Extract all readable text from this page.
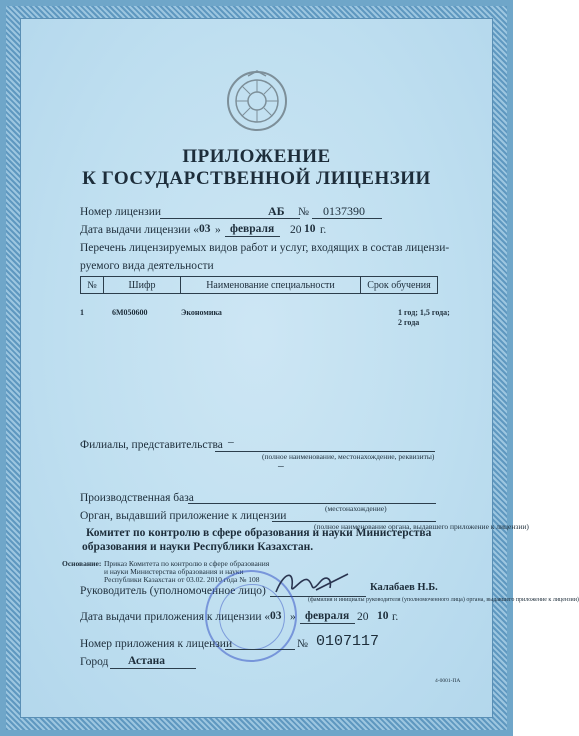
ПРИЛОЖЕНИЕ
К ГОСУДАРСТВЕННОЙ ЛИЦЕНЗИИ
Номер лицензии	АБ № 0137390
Дата выдачи лицензии « 03 » февраля 20 10 г.
Перечень лицензируемых видов работ и услуг, входящих в состав лицензи-
руемого вида деятельности
№	Шифр	Наименование специальности	Срок обучения
1	6M050600	Экономика	1 год; 1,5 года;
2 года
Филиалы, представительства –
(полное наименование, местонахождение, реквизиты)
–
Производственная база
(местонахождение)
Орган, выдавший приложение к лицензии
(полное наименование органа, выдавшего приложение к лицензии)
Комитет по контролю в сфере образования и науки Министерства
образования и науки Республики Казахстан.
Основание: Приказ Комитета по контролю в сфере образования
и науки Министерства образования и науки
Республики Казахстан от 03.02. 2010 года № 108
Руководитель (уполномоченное лицо)	Калабаев Н.Б.
(фамилия и инициалы руководителя (уполномоченного лица) органа, выдавшего приложение к лицензии)
Дата выдачи приложения к лицензии « 03 » февраля 20 10 г.
Номер приложения к лицензии	№ 0107117
Город Астана
4-0001-ПА
